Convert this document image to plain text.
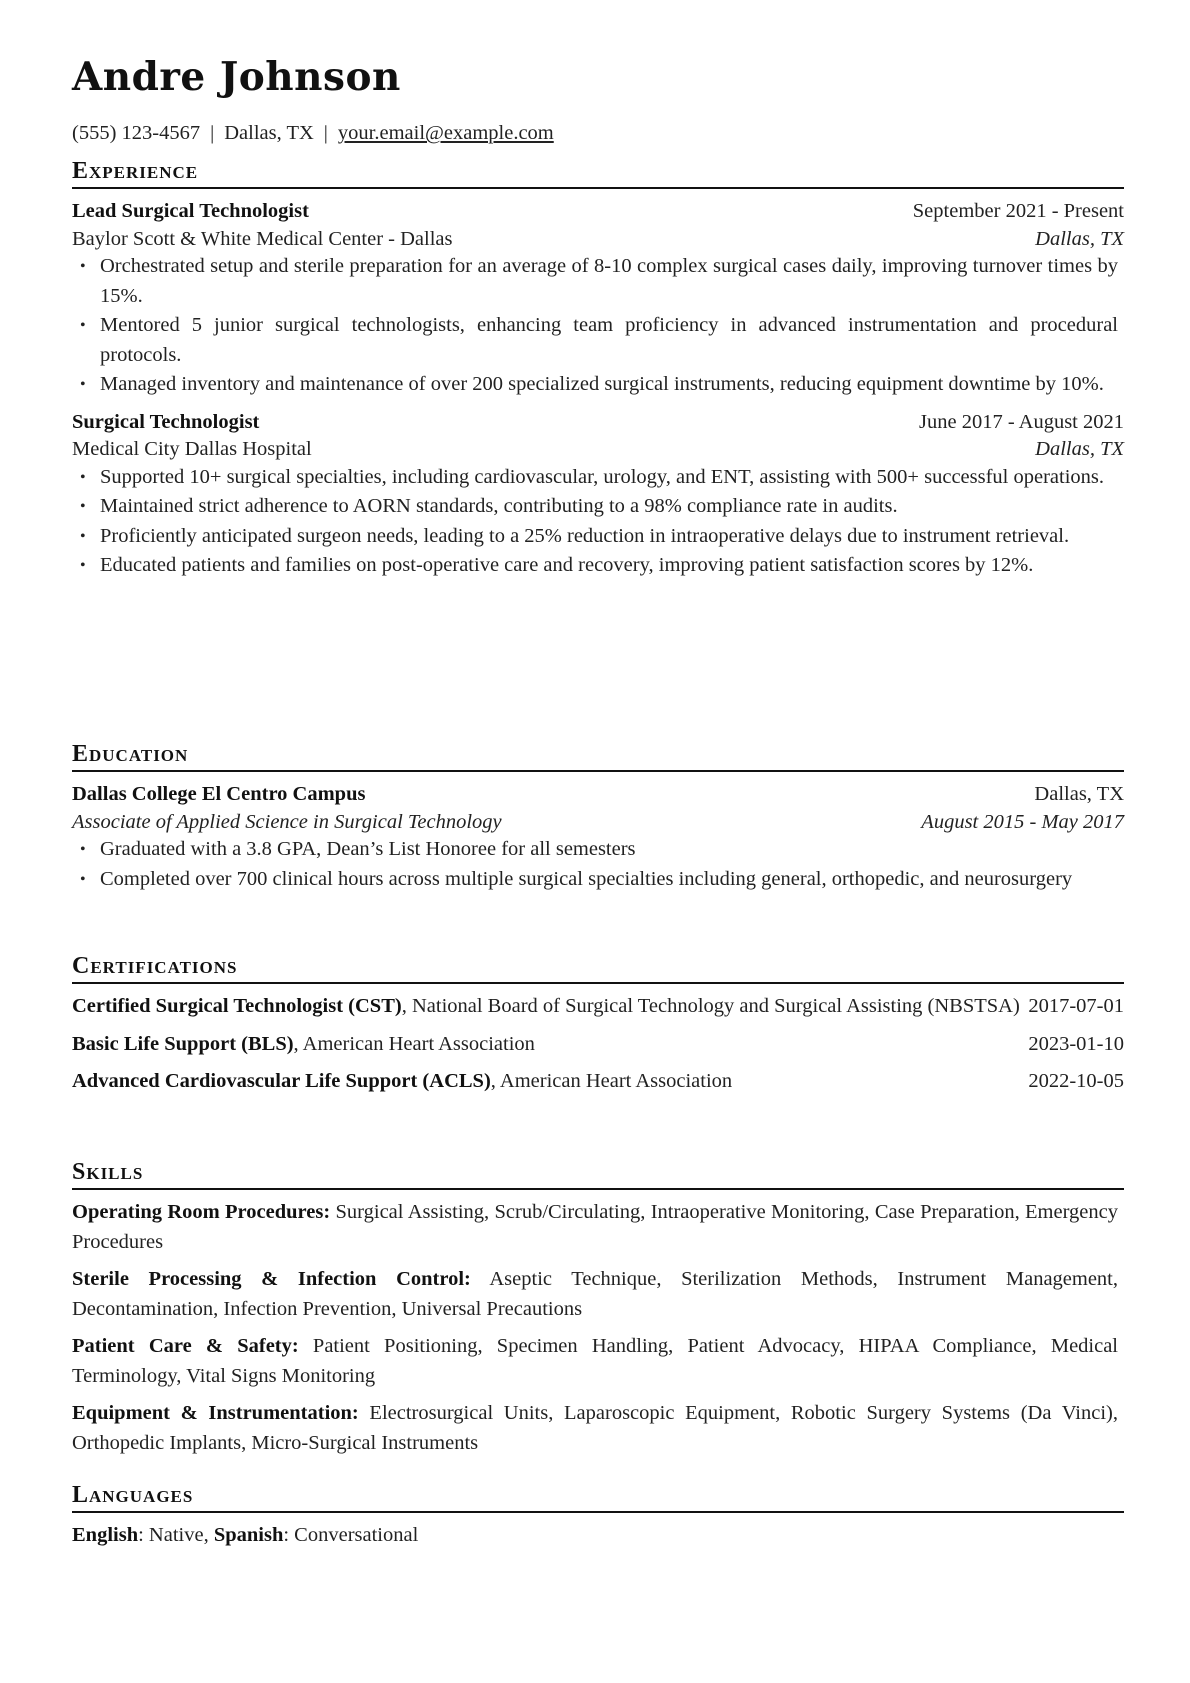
Andre Johnson
(555) 123-4567 | Dallas, TX | your.email@example.com
Experience
Lead Surgical Technologist	September 2021 - Present
Baylor Scott & White Medical Center - Dallas	Dallas, TX
• Orchestrated setup and sterile preparation for an average of 8-10 complex surgical cases daily, improving turnover times by 15%.
• Mentored 5 junior surgical technologists, enhancing team proficiency in advanced instrumentation and procedural protocols.
• Managed inventory and maintenance of over 200 specialized surgical instruments, reducing equipment downtime by 10%.
Surgical Technologist	June 2017 - August 2021
Medical City Dallas Hospital	Dallas, TX
• Supported 10+ surgical specialties, including cardiovascular, urology, and ENT, assisting with 500+ successful operations.
• Maintained strict adherence to AORN standards, contributing to a 98% compliance rate in audits.
• Proficiently anticipated surgeon needs, leading to a 25% reduction in intraoperative delays due to instrument retrieval.
• Educated patients and families on post-operative care and recovery, improving patient satisfaction scores by 12%.
Education
Dallas College El Centro Campus	Dallas, TX
Associate of Applied Science in Surgical Technology	August 2015 - May 2017
• Graduated with a 3.8 GPA, Dean’s List Honoree for all semesters
• Completed over 700 clinical hours across multiple surgical specialties including general, orthopedic, and neurosurgery
Certifications
Certified Surgical Technologist (CST), National Board of Surgical Technology and Surgical Assisting (NBSTSA) 2017-07-01
Basic Life Support (BLS), American Heart Association	2023-01-10
Advanced Cardiovascular Life Support (ACLS), American Heart Association	2022-10-05
Skills
Operating Room Procedures: Surgical Assisting, Scrub/Circulating, Intraoperative Monitoring, Case Preparation, Emergency Procedures
Sterile Processing & Infection Control: Aseptic Technique, Sterilization Methods, Instrument Management, Decontamination, Infection Prevention, Universal Precautions
Patient Care & Safety: Patient Positioning, Specimen Handling, Patient Advocacy, HIPAA Compliance, Medical Terminology, Vital Signs Monitoring
Equipment & Instrumentation: Electrosurgical Units, Laparoscopic Equipment, Robotic Surgery Systems (Da Vinci), Orthopedic Implants, Micro-Surgical Instruments
Languages
English: Native, Spanish: Conversational
